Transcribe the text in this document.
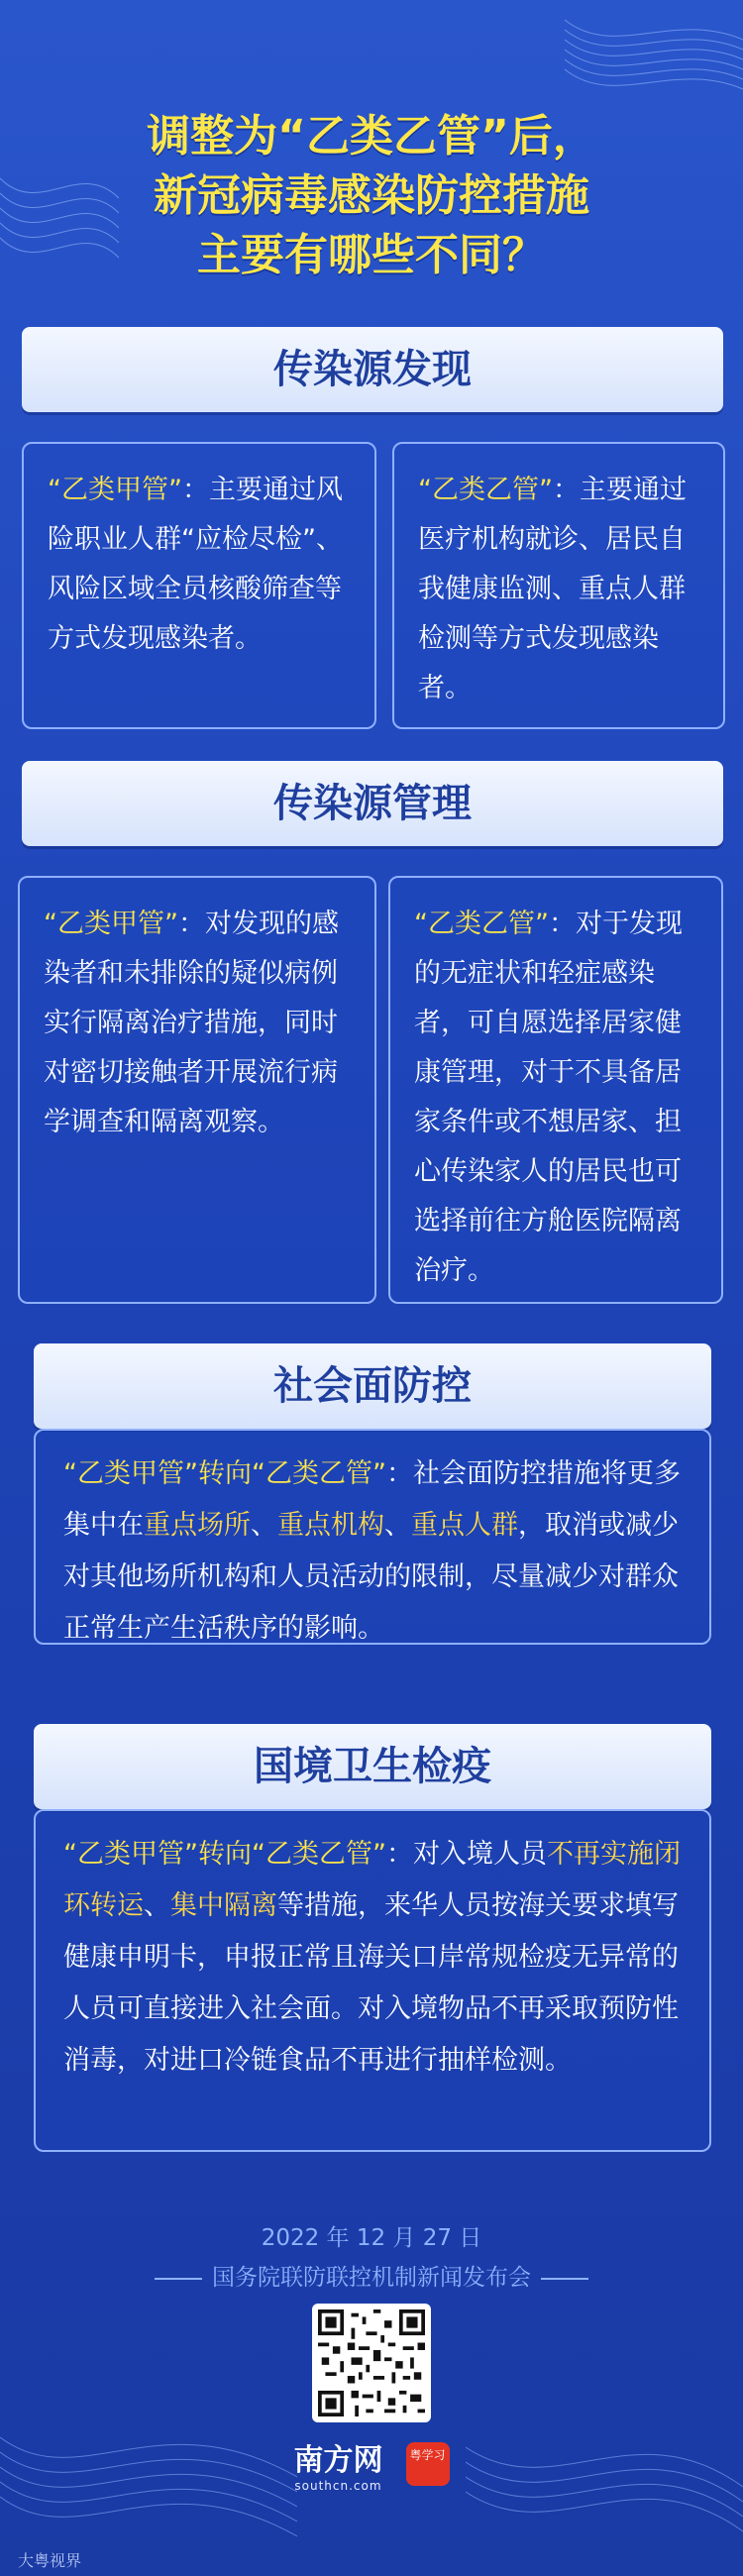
调整为“乙类乙管”后，
新冠病毒感染防控措施
主要有哪些不同？
传染源发现
“乙类甲管”：主要通过风险职业人群“应检尽检”、风险区域全员核酸筛查等方式发现感染者。
“乙类乙管”：主要通过医疗机构就诊、居民自我健康监测、重点人群检测等方式发现感染者。
传染源管理
“乙类甲管”：对发现的感染者和未排除的疑似病例实行隔离治疗措施，同时对密切接触者开展流行病学调查和隔离观察。
“乙类乙管”：对于发现的无症状和轻症感染者，可自愿选择居家健康管理，对于不具备居家条件或不想居家、担心传染家人的居民也可选择前往方舱医院隔离治疗。
社会面防控
“乙类甲管”转向“乙类乙管”：社会面防控措施将更多集中在重点场所、重点机构、重点人群，取消或减少对其他场所机构和人员活动的限制，尽量减少对群众正常生产生活秩序的影响。
国境卫生检疫
“乙类甲管”转向“乙类乙管”：对入境人员不再实施闭环转运、集中隔离等措施，来华人员按海关要求填写健康申明卡，申报正常且海关口岸常规检疫无异常的人员可直接进入社会面。对入境物品不再采取预防性消毒，对进口冷链食品不再进行抽样检测。
2022 年 12 月 27 日
国务院联防联控机制新闻发布会
南方网
southcn.com
粤学习
大粤视界
